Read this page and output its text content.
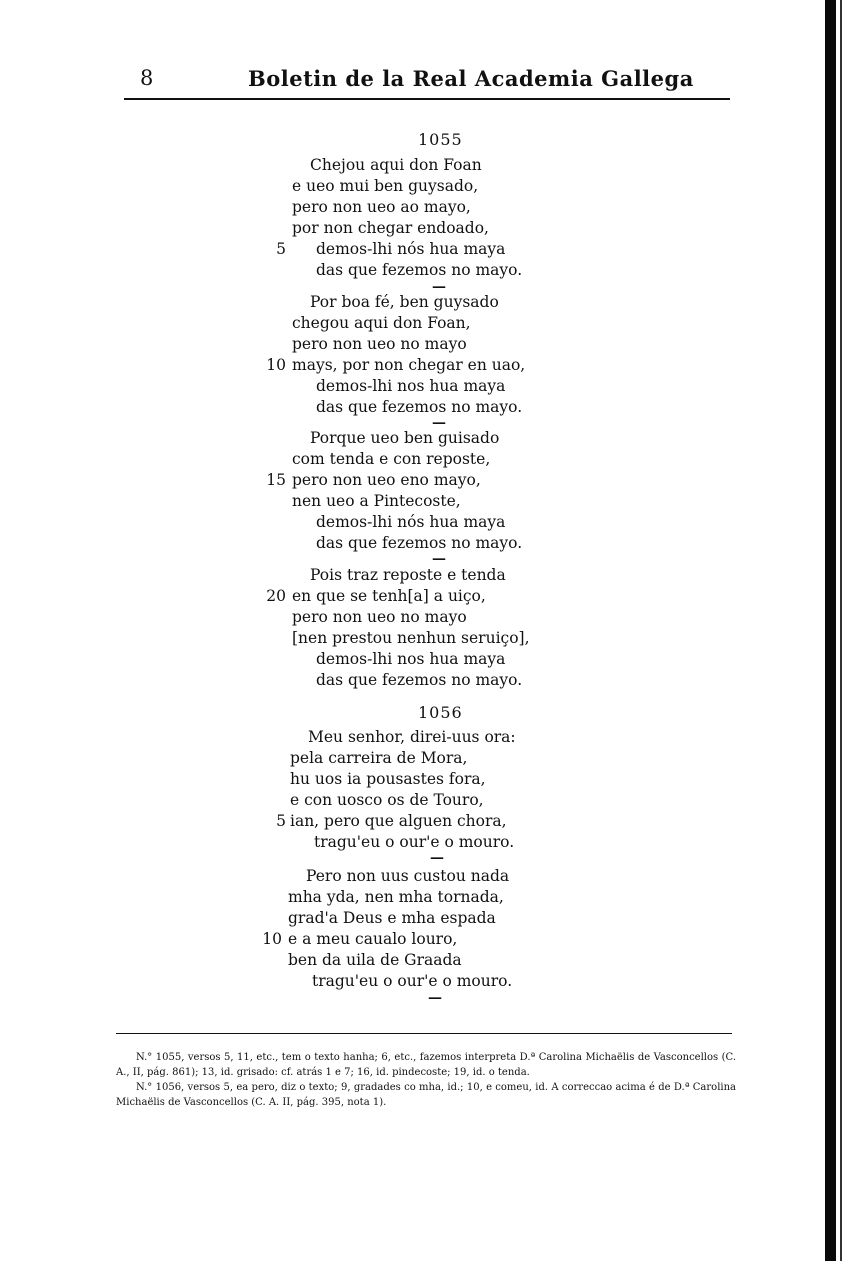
8	Boletin de la Real Academia Gallega
1055
Chejou aqui don Foan
e ueo mui ben guysado,
pero non ueo ao mayo,
por non chegar endoado,
5 demos-lhi nós hua maya
das que fezemos no mayo.
—
Por boa fé, ben guysado
chegou aqui don Foan,
pero non ueo no mayo
10 mays, por non chegar en uao,
demos-lhi nos hua maya
das que fezemos no mayo.
—
Porque ueo ben guisado
com tenda e con reposte,
15 pero non ueo eno mayo,
nen ueo a Pintecoste,
demos-lhi nós hua maya
das que fezemos no mayo.
—
Pois traz reposte e tenda
20 en que se tenh[a] a uiço,
pero non ueo no mayo
[nen prestou nenhun seruiço],
demos-lhi nos hua maya
das que fezemos no mayo.
1056
Meu senhor, direi-uus ora:
pela carreira de Mora,
hu uos ia pousastes fora,
e con uosco os de Touro,
5 ian, pero que alguen chora,
tragu'eu o our'e o mouro.
—
Pero non uus custou nada
mha yda, nen mha tornada,
grad'a Deus e mha espada
10 e a meu caualo louro,
ben da uila de Graada
tragu'eu o our'e o mouro.
—

N.° 1055, versos 5, 11, etc., tem o texto hanha; 6, etc., fazemos interpreta D.ª Carolina Michaëlis de Vasconcellos (C. A., II, pág. 861); 13, id. grisado: cf. atrás 1 e 7; 16, id. pindecoste; 19, id. o tenda.

N.° 1056, versos 5, ea pero, diz o texto; 9, gradades co mha, id.; 10, e comeu, id. A correccao acima é de D.ª Carolina Michaëlis de Vasconcellos (C. A. II, pág. 395, nota 1).
